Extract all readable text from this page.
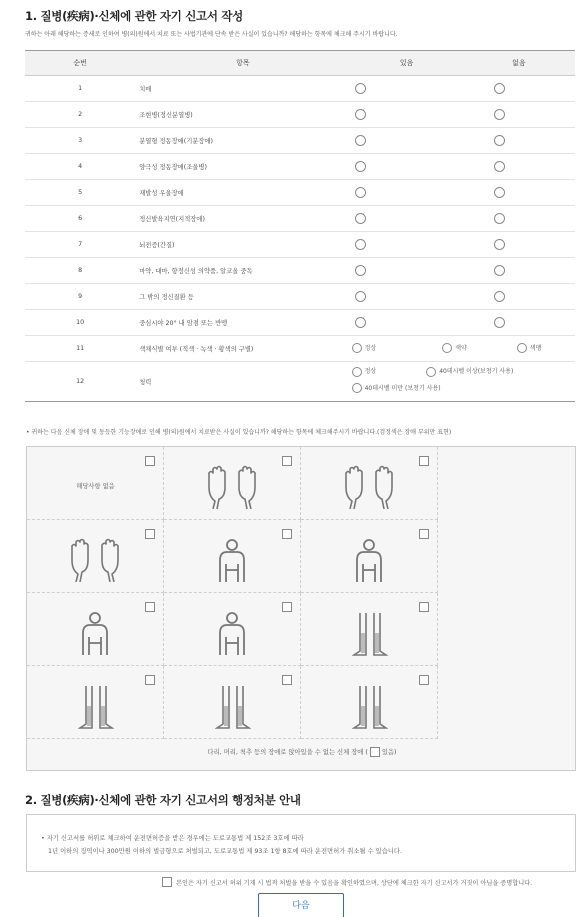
1. 질병(疾病)·신체에 관한 자기 신고서 작성
귀하는 아래 해당하는 증세로 인하여 병(의)원에서 치료 또는 사법기관에 단속 받은 사실이 있습니까? 해당하는 항목에 체크해 주시기 바랍니다.
순번	항목	있음	없음
1	치매		
2	조현병(정신분열병)		
3	분열형 정동장애(기분장애)		
4	양극성 정동장애(조울병)		
5	재발성 우울장애		
6	정신발육지연(지적장애)		
7	뇌전증(간질)		
8	마약, 대마, 향정신성 의약품, 알코올 중독		
9	그 밖의 정신질환 등		
10	중심시야 20° 내 암점 또는 반맹		
11	색채식별 여부 (적색 · 녹색 · 황색의 구별)	정상
색약
색맹	

12	청력	정상
40데시벨 이상(보청기 사용)

40데시벨 미만 (보청기 사용)	
• 귀하는 다음 신체 장애 및 동등한 기능장애로 인해 병(의)원에서 치료받은 사실이 있습니까? 해당하는 항목에 체크해주시기 바랍니다.(검정색은 장애 부위만 표현)
다리, 머리, 척추 등의 장애로 앉아있을 수 없는 신체 장애 ( 있음)
해당사항 없음
2. 질병(疾病)·신체에 관한 자기 신고서의 행정처분 안내
• 자기 신고서를 허위로 체크하여 운전면허증을 받은 경우에는 도로교통법 제 152조 3호에 따라
1년 이하의 징역이나 300만원 이하의 벌금형으로 처벌되고, 도로교통법 제 93조 1항 8호에 따라 운전면허가 취소될 수 있습니다.
본인은 자기 신고서 허위 기재 시 법적 처벌을 받을 수 있음을 확인하였으며, 상단에 체크한 자기 신고서가 거짓이 아님을 증명합니다.
다음
